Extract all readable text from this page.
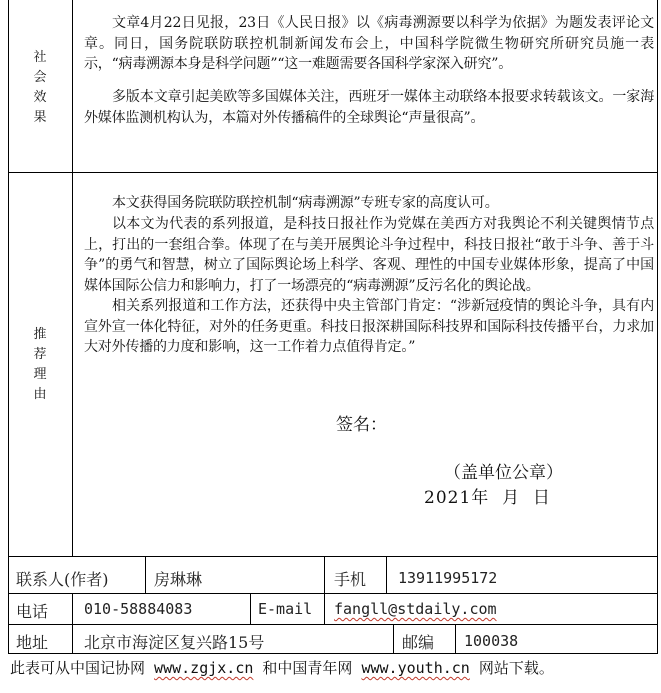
社
会
效
果

文章4月22日见报，23日《人民日报》以《病毒溯源要以科学为依据》为题发表评论文章。同日，国务院联防联控机制新闻发布会上，中国科学院微生物研究所研究员施一表示，“病毒溯源本身是科学问题”“这一难题需要各国科学家深入研究”。

多版本文章引起美欧等多国媒体关注，西班牙一媒体主动联络本报要求转载该文。一家海外媒体监测机构认为，本篇对外传播稿件的全球舆论“声量很高”。

推
荐
理
由

本文获得国务院联防联控机制“病毒溯源”专班专家的高度认可。

以本文为代表的系列报道，是科技日报社作为党媒在美西方对我舆论不利关键舆情节点上，打出的一套组合拳。体现了在与美开展舆论斗争过程中，科技日报社“敢于斗争、善于斗争”的勇气和智慧，树立了国际舆论场上科学、客观、理性的中国专业媒体形象，提高了中国媒体国际公信力和影响力，打了一场漂亮的“病毒溯源”反污名化的舆论战。

相关系列报道和工作方法，还获得中央主管部门肯定：“涉新冠疫情的舆论斗争，具有内宣外宣一体化特征，对外的任务更重。科技日报深耕国际科技界和国际科技传播平台，力求加大对外传播的力度和影响，这一工作着力点值得肯定。”

签名：
（盖单位公章）
2021年  月  日
联系人(作者)	房琳琳	手机 13911995172
电话 010-58884083	E-mail fangll@stdaily.com
地址 北京市海淀区复兴路15号	邮编 100038
此表可从中国记协网 www.zgjx.cn 和中国青年网 www.youth.cn 网站下载。
